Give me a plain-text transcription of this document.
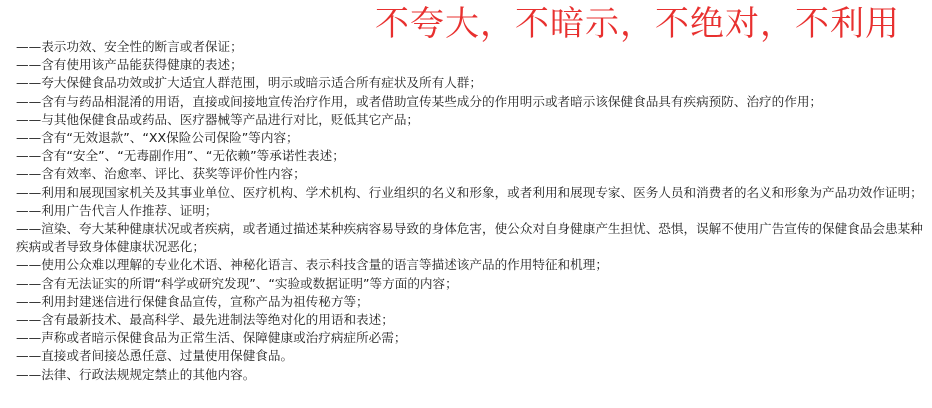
不夸大，不暗示，不绝对，不利用
——表示功效、安全性的断言或者保证；
——含有使用该产品能获得健康的表述；
——夸大保健食品功效或扩大适宜人群范围，明示或暗示适合所有症状及所有人群；
——含有与药品相混淆的用语，直接或间接地宣传治疗作用，或者借助宣传某些成分的作用明示或者暗示该保健食品具有疾病预防、治疗的作用；
——与其他保健食品或药品、医疗器械等产品进行对比，贬低其它产品；
——含有“无效退款”、“XX保险公司保险”等内容；
——含有“安全”、“无毒副作用”、“无依赖”等承诺性表述；
——含有效率、治愈率、评比、获奖等评价性内容；
——利用和展现国家机关及其事业单位、医疗机构、学术机构、行业组织的名义和形象，或者利用和展现专家、医务人员和消费者的名义和形象为产品功效作证明；
——利用广告代言人作推荐、证明；
——渲染、夸大某种健康状况或者疾病，或者通过描述某种疾病容易导致的身体危害，使公众对自身健康产生担忧、恐惧，误解不使用广告宣传的保健食品会患某种疾病或者导致身体健康状况恶化；
——使用公众难以理解的专业化术语、神秘化语言、表示科技含量的语言等描述该产品的作用特征和机理；
——含有无法证实的所谓“科学或研究发现”、“实验或数据证明”等方面的内容；
——利用封建迷信进行保健食品宣传，宣称产品为祖传秘方等；
——含有最新技术、最高科学、最先进制法等绝对化的用语和表述；
——声称或者暗示保健食品为正常生活、保障健康或治疗病症所必需；
——直接或者间接怂恿任意、过量使用保健食品。
——法律、行政法规规定禁止的其他内容。
